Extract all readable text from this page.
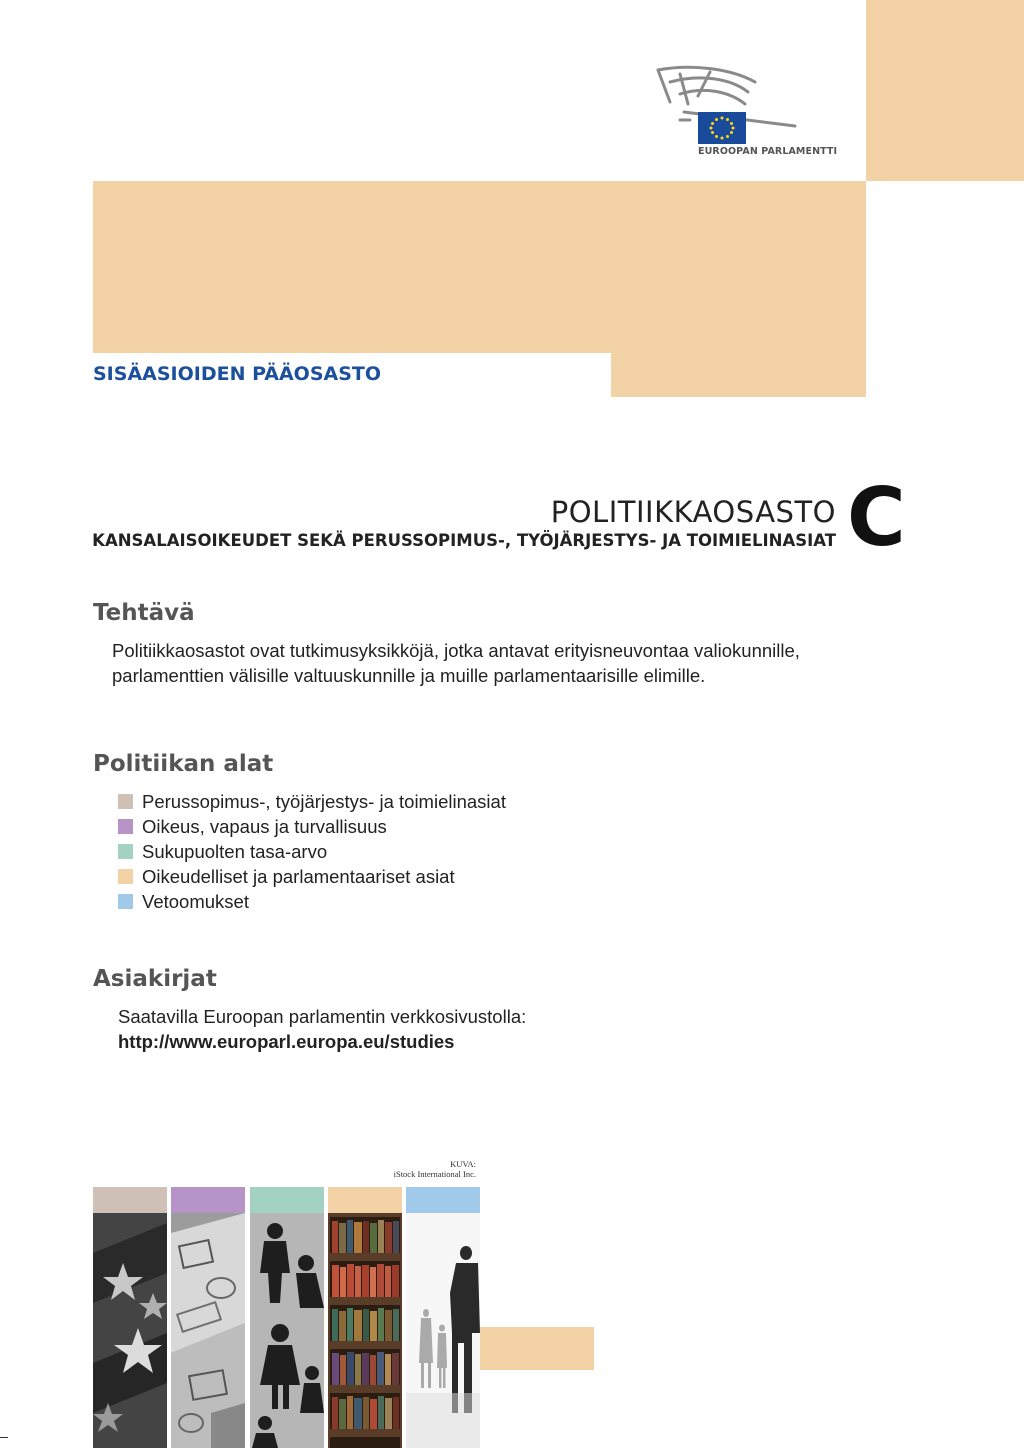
EUROOPAN PARLAMENTTI
SISÄASIOIDEN PÄÄOSASTO
POLITIIKKAOSASTO
KANSALAISOIKEUDET SEKÄ PERUSSOPIMUS-, TYÖJÄRJESTYS- JA TOIMIELINASIAT C
Tehtävä
Politiikkaosastot ovat tutkimusyksikköjä, jotka antavat erityisneuvontaa valiokunnille,
parlamenttien välisille valtuuskunnille ja muille parlamentaarisille elimille.
Politiikan alat
Perussopimus-, työjärjestys- ja toimielinasiat
Oikeus, vapaus ja turvallisuus
Sukupuolten tasa-arvo
Oikeudelliset ja parlamentaariset asiat
Vetoomukset
Asiakirjat
Saatavilla Euroopan parlamentin verkkosivustolla:
http://www.europarl.europa.eu/studies
KUVA:
iStock International Inc.
